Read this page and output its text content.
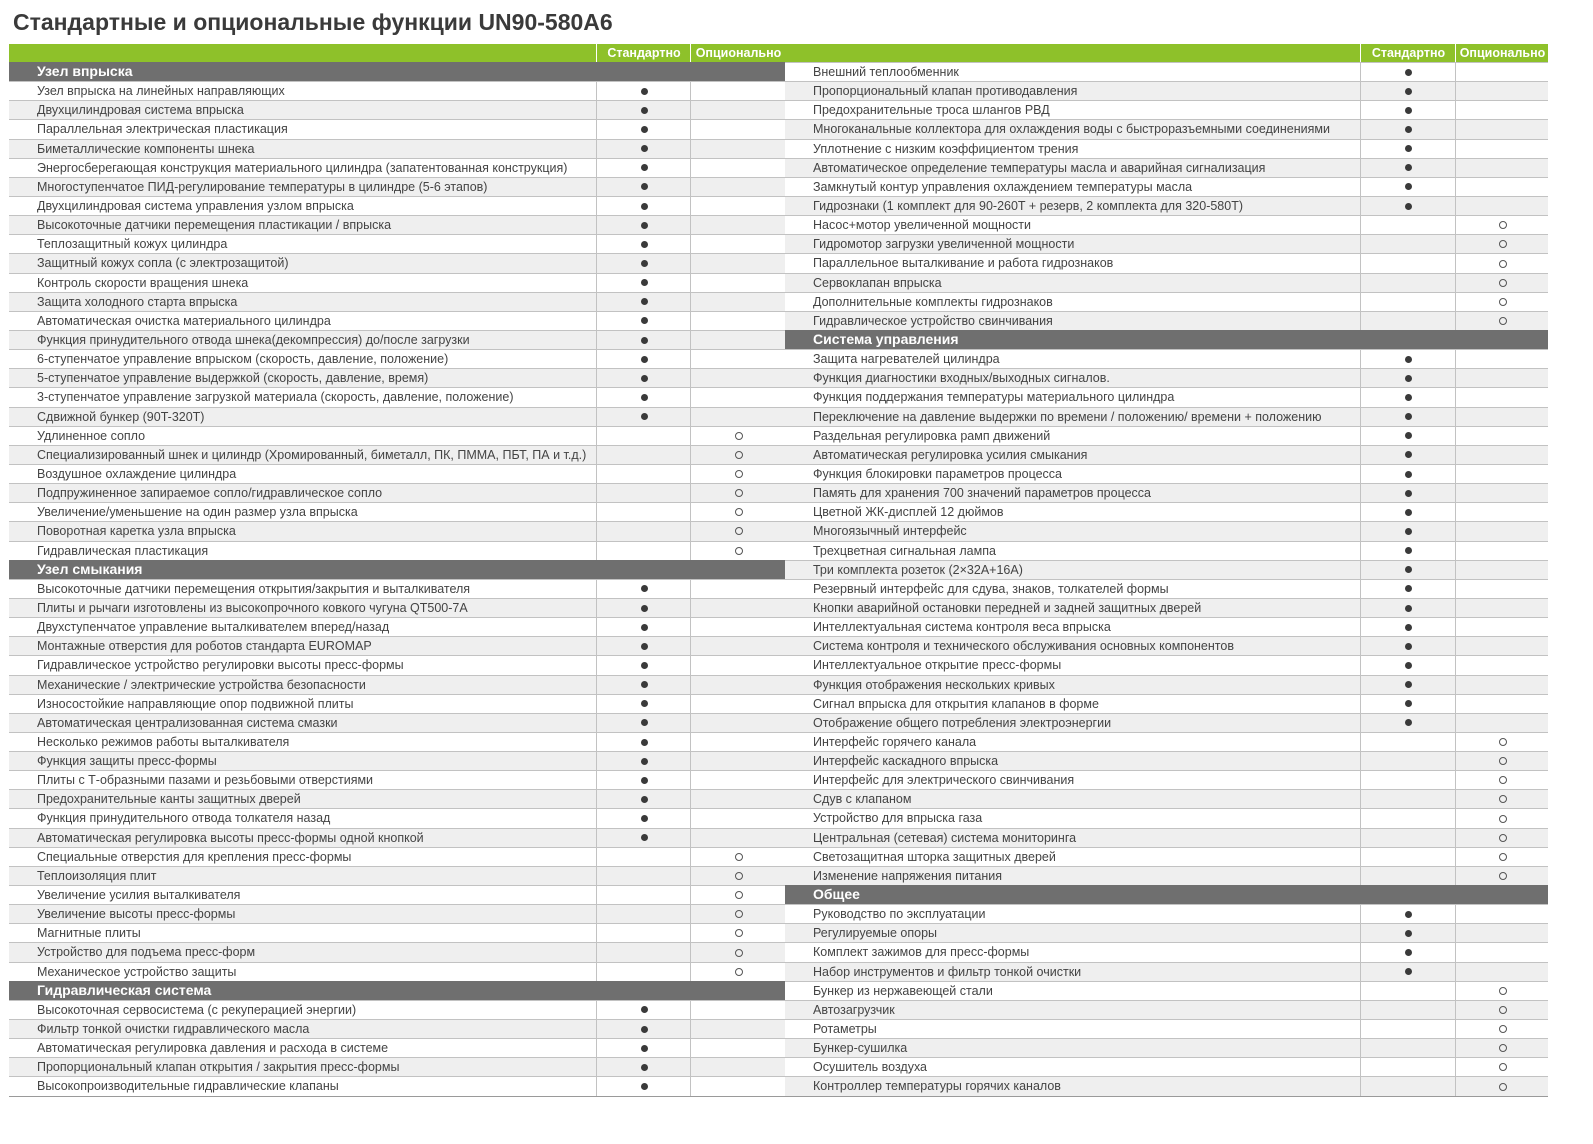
Стандартные и опциональные функции UN90-580A6
Стандартно	Опционально
Узел впрыска
Узел впрыска на линейных направляющих
Двухцилиндровая система впрыска
Параллельная электрическая пластикация
Биметаллические компоненты шнека
Энергосберегающая конструкция материального цилиндра (запатентованная конструкция)
Многоступенчатое ПИД-регулирование температуры в цилиндре (5-6 этапов)
Двухцилиндровая система управления узлом впрыска
Высокоточные датчики перемещения пластикации / впрыска
Теплозащитный кожух цилиндра
Защитный кожух сопла (с электрозащитой)
Контроль скорости вращения шнека
Защита холодного старта впрыска
Автоматическая очистка материального цилиндра
Функция принудительного отвода шнека(декомпрессия) до/после загрузки
6-ступенчатое управление впрыском (скорость, давление, положение)
5-ступенчатое управление выдержкой (скорость, давление, время)
3-ступенчатое управление загрузкой материала (скорость, давление, положение)
Сдвижной бункер (90T-320T)
Удлиненное сопло
Специализированный шнек и цилиндр (Хромированный, биметалл, ПК, ПММА, ПБТ, ПА и т.д.)
Воздушное охлаждение цилиндра
Подпружиненное запираемое сопло/гидравлическое сопло
Увеличение/уменьшение на один размер узла впрыска
Поворотная каретка узла впрыска
Гидравлическая пластикация
Узел смыкания
Высокоточные датчики перемещения открытия/закрытия и выталкивателя
Плиты и рычаги изготовлены из высокопрочного ковкого чугуна QT500-7A
Двухступенчатое управление выталкивателем вперед/назад
Монтажные отверстия для роботов стандарта EUROMAP
Гидравлическое устройство регулировки высоты пресс-формы
Механические / электрические устройства безопасности
Износостойкие направляющие опор подвижной плиты
Автоматическая централизованная система смазки
Несколько режимов работы выталкивателя
Функция защиты пресс-формы
Плиты с Т-образными пазами и резьбовыми отверстиями
Предохранительные канты защитных дверей
Функция принудительного отвода толкателя назад
Автоматическая регулировка высоты пресс-формы одной кнопкой
Специальные отверстия для крепления пресс-формы
Теплоизоляция плит
Увеличение усилия выталкивателя
Увеличение высоты пресс-формы
Магнитные плиты
Устройство для подъема пресс-форм
Механическое устройство защиты
Гидравлическая система
Высокоточная сервосистема (с рекуперацией энергии)
Фильтр тонкой очистки гидравлического масла
Автоматическая регулировка давления и расхода в системе
Пропорциональный клапан открытия / закрытия пресс-формы
Высокопроизводительные гидравлические клапаны
Стандартно	Опционально
Внешний теплообменник
Пропорциональный клапан противодавления
Предохранительные троса шлангов РВД
Многоканальные коллектора для охлаждения воды с быстроразъемными соединениями
Уплотнение с низким коэффициентом трения
Автоматическое определение температуры масла и аварийная сигнализация
Замкнутый контур управления охлаждением температуры масла
Гидрознаки (1 комплект для 90-260T + резерв, 2 комплекта для 320-580T)
Насос+мотор увеличенной мощности
Гидромотор загрузки увеличенной мощности
Параллельное выталкивание и работа гидрознаков
Сервоклапан впрыска
Дополнительные комплекты гидрознаков
Гидравлическое устройство свинчивания
Система управления
Защита нагревателей цилиндра
Функция диагностики входных/выходных сигналов.
Функция поддержания температуры материального цилиндра
Переключение на давление выдержки по времени / положению/ времени + положению
Раздельная регулировка рамп движений
Автоматическая регулировка усилия смыкания
Функция блокировки параметров процесса
Память для хранения 700 значений параметров процесса
Цветной ЖК-дисплей 12 дюймов
Многоязычный интерфейс
Трехцветная сигнальная лампа
Три комплекта розеток (2×32A+16A)
Резервный интерфейс для сдува, знаков, толкателей формы
Кнопки аварийной остановки передней и задней защитных дверей
Интеллектуальная система контроля веса впрыска
Система контроля и технического обслуживания основных компонентов
Интеллектуальное открытие пресс-формы
Функция отображения нескольких кривых
Сигнал впрыска для открытия клапанов в форме
Отображение общего потребления электроэнергии
Интерфейс горячего канала
Интерфейс каскадного впрыска
Интерфейс для электрического свинчивания
Сдув с клапаном
Устройство для впрыска газа
Центральная (сетевая) система мониторинга
Светозащитная шторка защитных дверей
Изменение напряжения питания
Общее
Руководство по эксплуатации
Регулируемые опоры
Комплект зажимов для пресс-формы
Набор инструментов и фильтр тонкой очистки
Бункер из нержавеющей стали
Автозагрузчик
Ротаметры
Бункер-сушилка
Осушитель воздуха
Контроллер температуры горячих каналов
